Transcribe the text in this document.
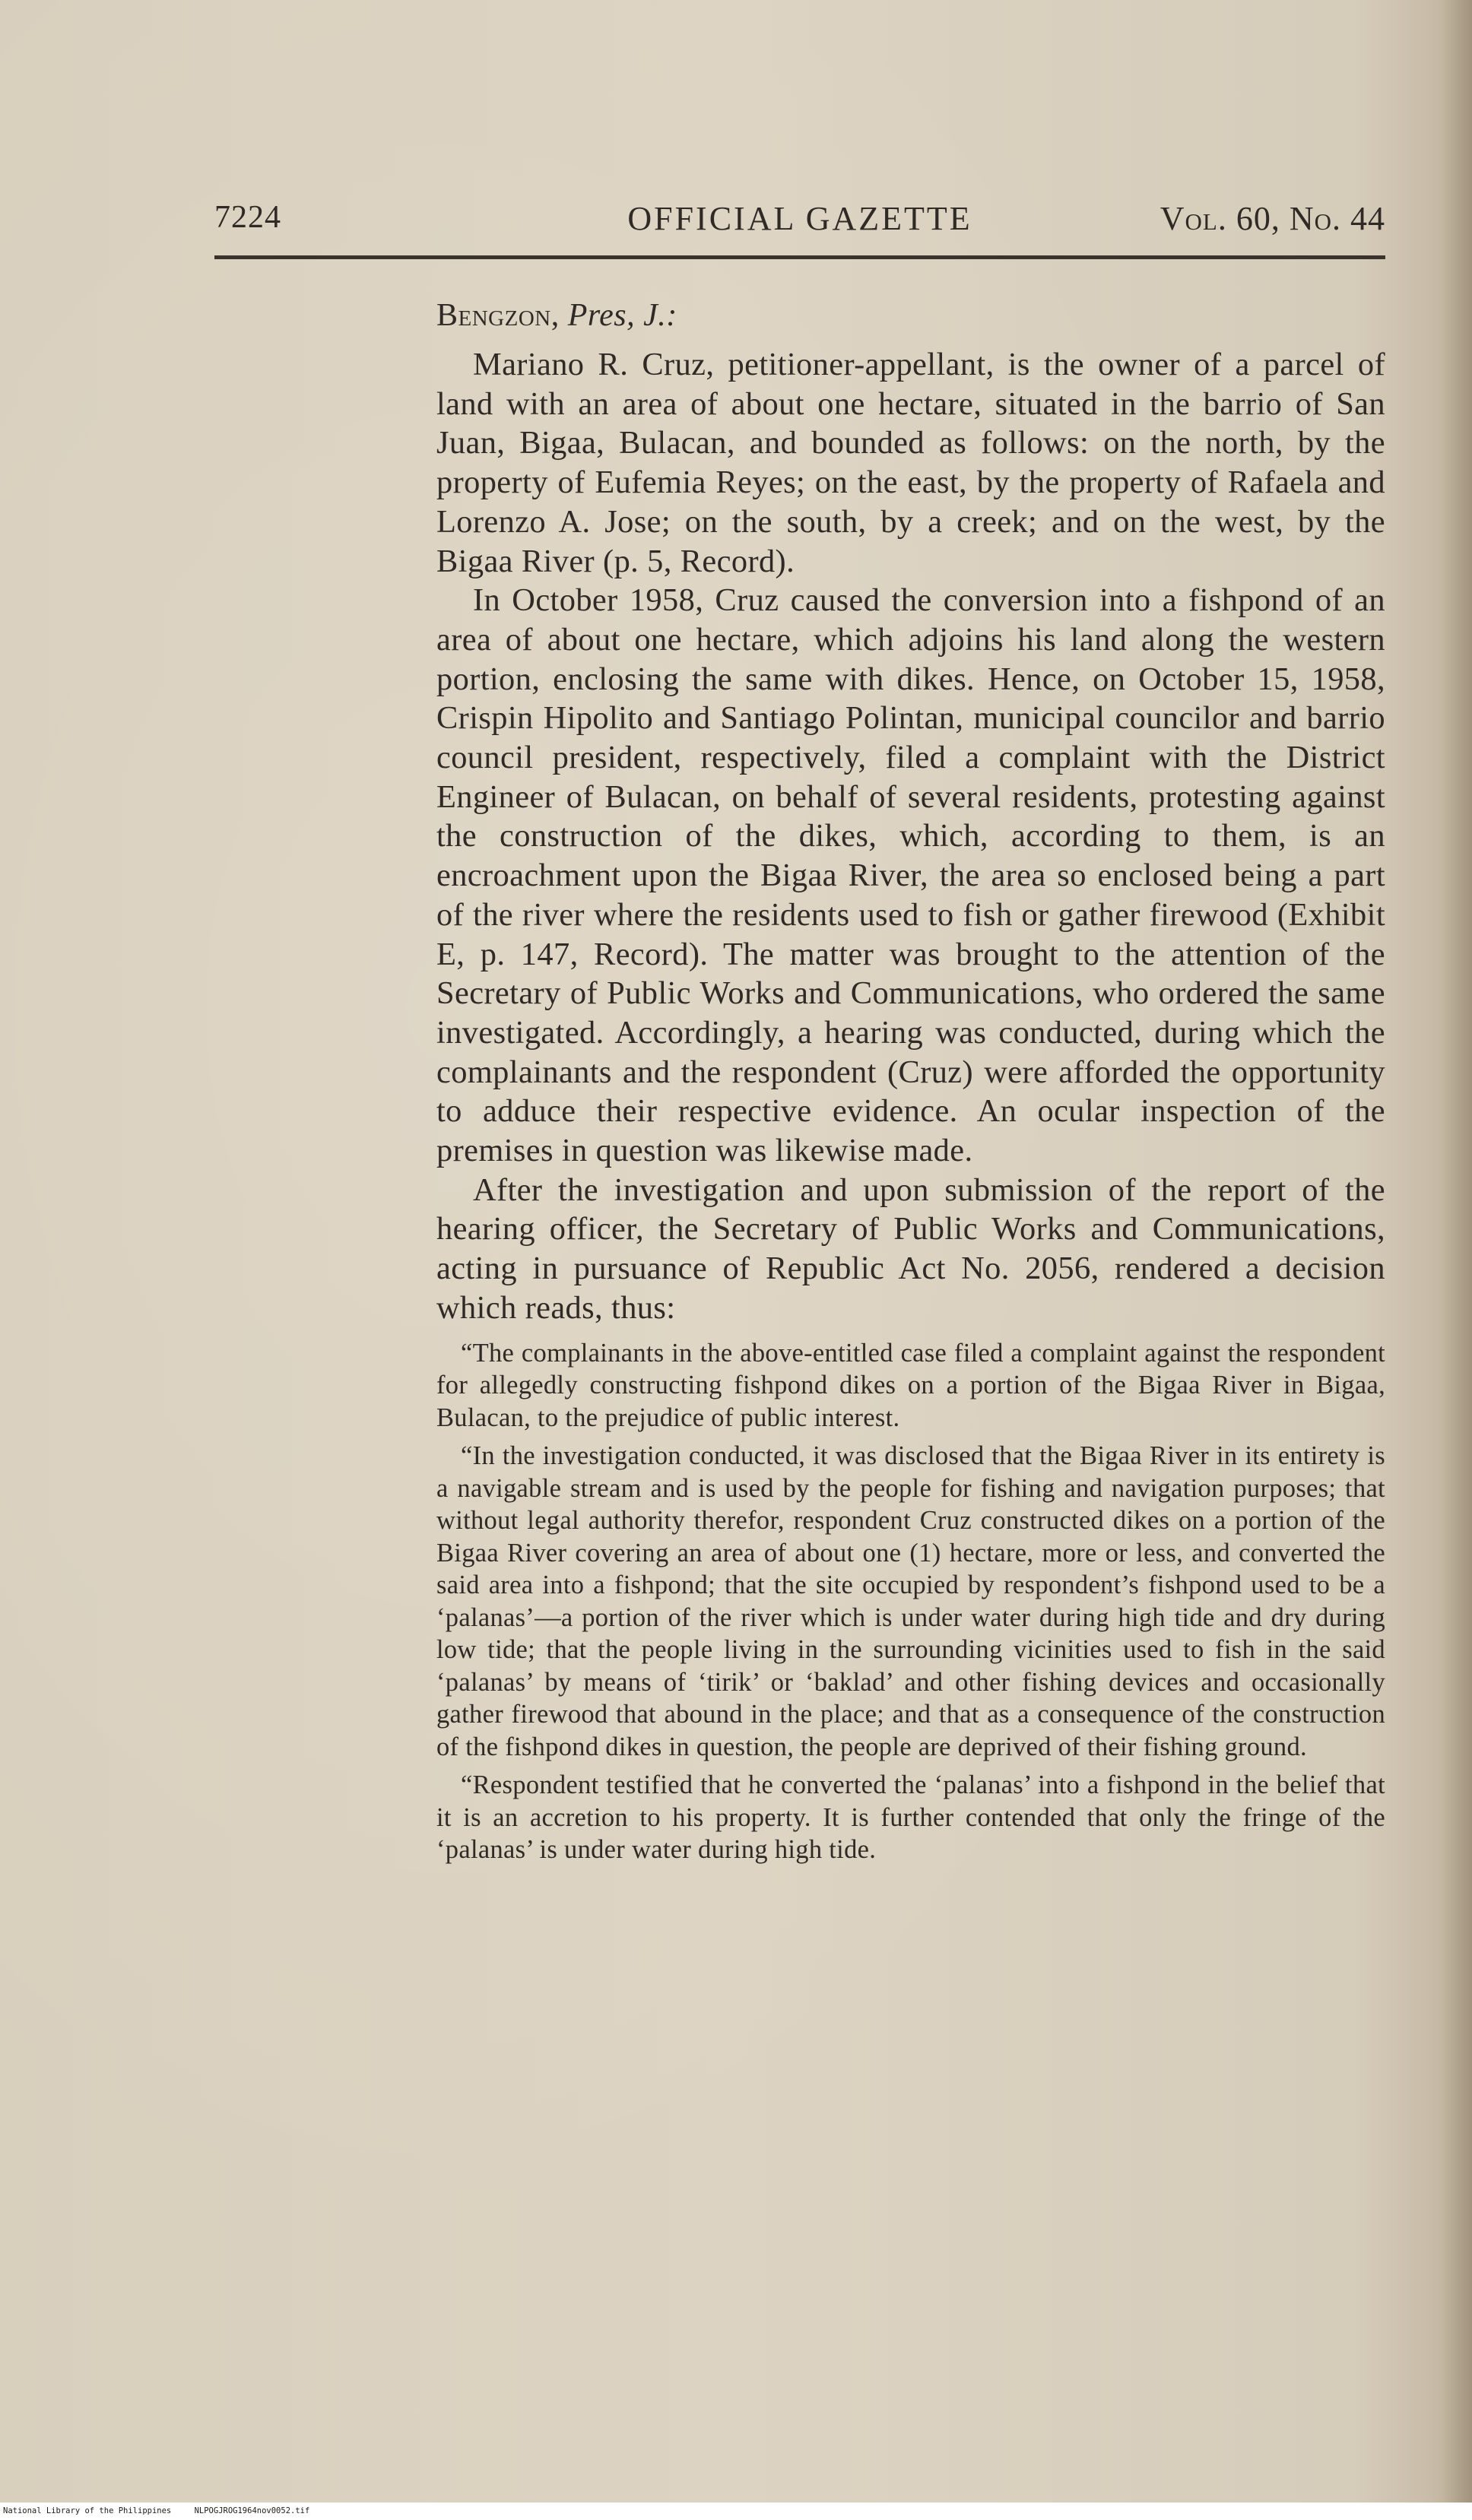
7224	OFFICIAL GAZETTE	Vol. 60, No. 44

Bengzon, Pres, J.:

Mariano R. Cruz, petitioner-appellant, is the owner of a parcel of land with an area of about one hectare, situated in the barrio of San Juan, Bigaa, Bulacan, and bounded as follows: on the north, by the property of Eufemia Reyes; on the east, by the property of Rafaela and Lorenzo A. Jose; on the south, by a creek; and on the west, by the Bigaa River (p. 5, Record).

In October 1958, Cruz caused the conversion into a fishpond of an area of about one hectare, which adjoins his land along the western portion, enclosing the same with dikes. Hence, on October 15, 1958, Crispin Hipolito and Santiago Polintan, municipal councilor and barrio council president, respectively, filed a complaint with the District Engineer of Bulacan, on behalf of several residents, protesting against the construction of the dikes, which, according to them, is an encroachment upon the Bigaa River, the area so enclosed being a part of the river where the residents used to fish or gather firewood (Exhibit E, p. 147, Record). The matter was brought to the attention of the Secretary of Public Works and Communications, who ordered the same investigated. Accordingly, a hearing was conducted, during which the complainants and the respondent (Cruz) were afforded the opportunity to adduce their respective evidence. An ocular inspection of the premises in question was likewise made.

After the investigation and upon submission of the report of the hearing officer, the Secretary of Public Works and Communications, acting in pursuance of Republic Act No. 2056, rendered a decision which reads, thus:

“The complainants in the above-entitled case filed a complaint against the respondent for allegedly constructing fishpond dikes on a portion of the Bigaa River in Bigaa, Bulacan, to the prejudice of public interest.

“In the investigation conducted, it was disclosed that the Bigaa River in its entirety is a navigable stream and is used by the people for fishing and navigation purposes; that without legal authority therefor, respondent Cruz constructed dikes on a portion of the Bigaa River covering an area of about one (1) hectare, more or less, and converted the said area into a fishpond; that the site occupied by respondent’s fishpond used to be a ‘palanas’—a portion of the river which is under water during high tide and dry during low tide; that the people living in the surrounding vicinities used to fish in the said ‘palanas’ by means of ‘tirik’ or ‘baklad’ and other fishing devices and occasionally gather firewood that abound in the place; and that as a consequence of the construction of the fishpond dikes in question, the people are deprived of their fishing ground.

“Respondent testified that he converted the ‘palanas’ into a fishpond in the belief that it is an accretion to his property. It is further contended that only the fringe of the ‘palanas’ is under water during high tide.

National Library of the Philippines	NLPOGJROG1964nov0052.tif
